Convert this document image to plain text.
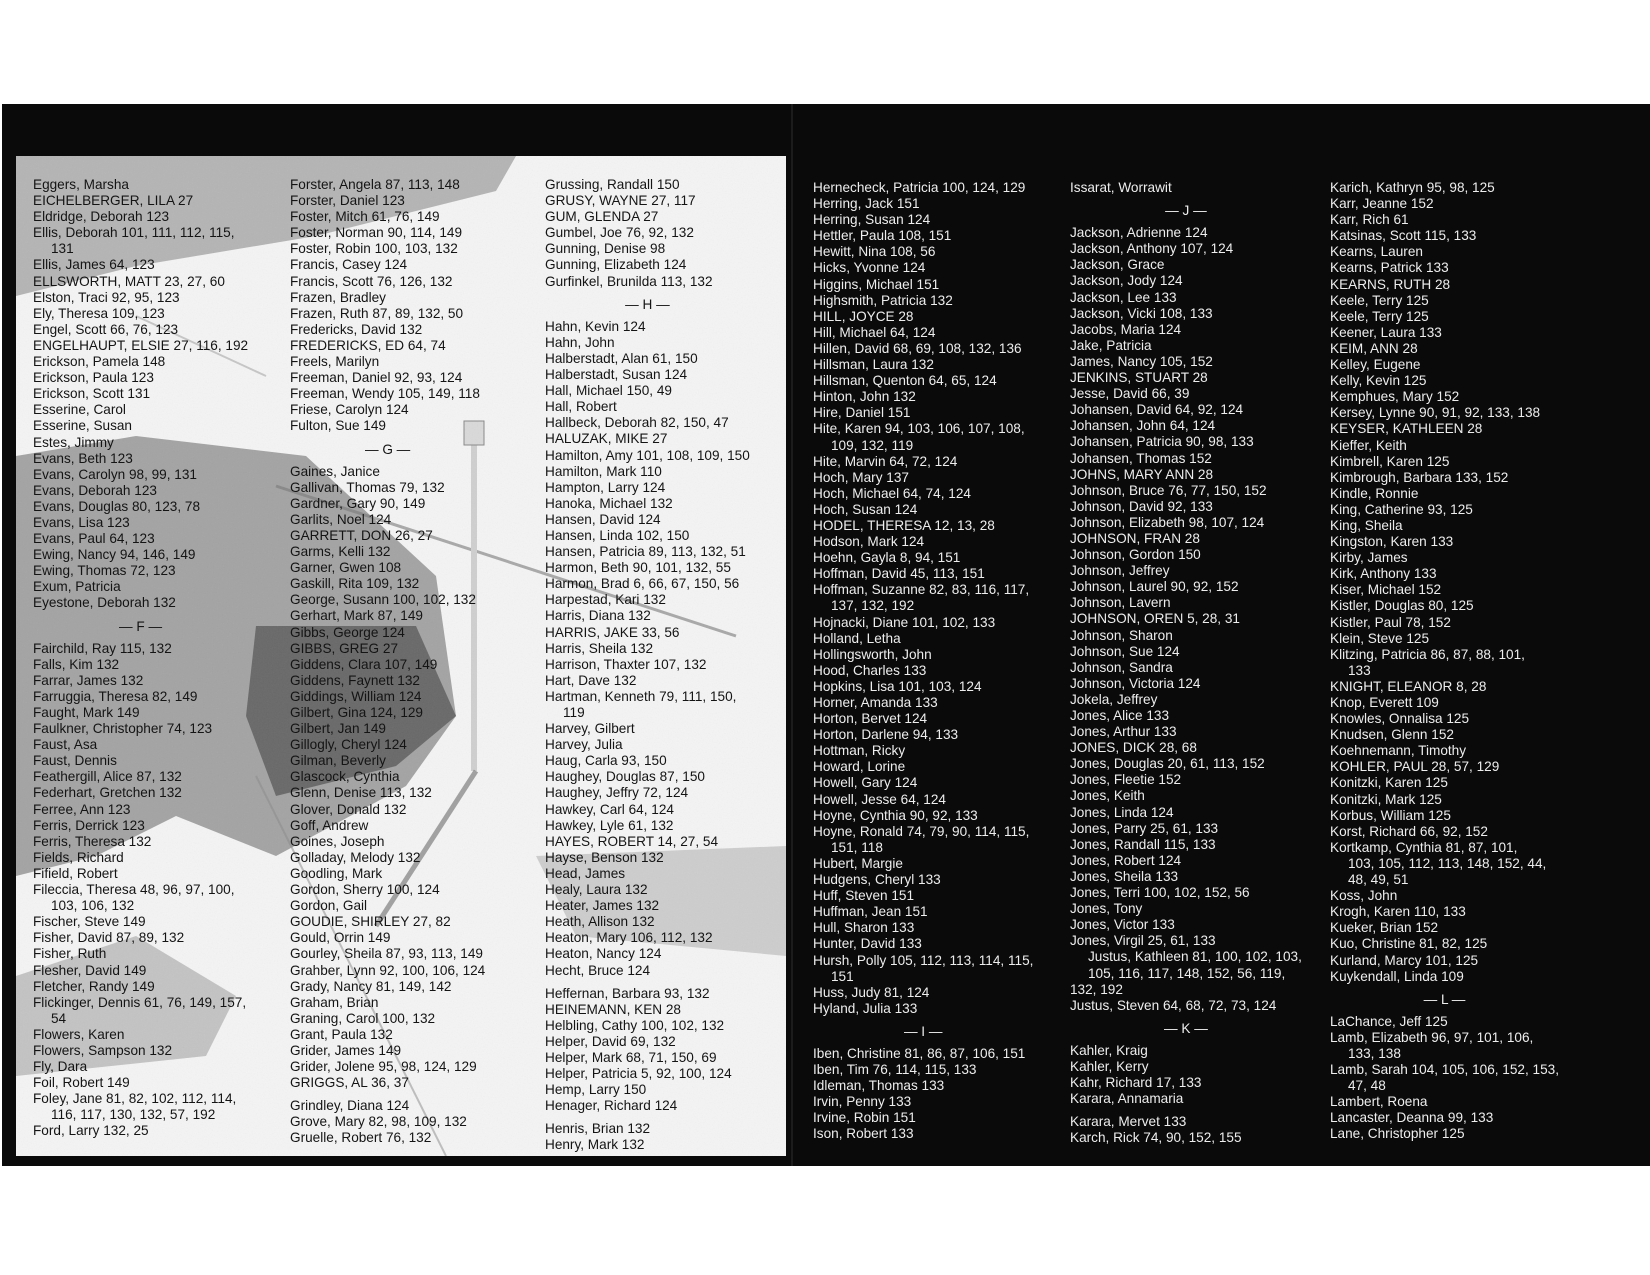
Eggers, Marsha
EICHELBERGER, LILA 27
Eldridge, Deborah 123
Ellis, Deborah 101, 111, 112, 115,
131
Ellis, James 64, 123
ELLSWORTH, MATT 23, 27, 60
Elston, Traci 92, 95, 123
Ely, Theresa 109, 123
Engel, Scott 66, 76, 123
ENGELHAUPT, ELSIE 27, 116, 192
Erickson, Pamela 148
Erickson, Paula 123
Erickson, Scott 131
Esserine, Carol
Esserine, Susan
Estes, Jimmy
Evans, Beth 123
Evans, Carolyn 98, 99, 131
Evans, Deborah 123
Evans, Douglas 80, 123, 78
Evans, Lisa 123
Evans, Paul 64, 123
Ewing, Nancy 94, 146, 149
Ewing, Thomas 72, 123
Exum, Patricia
Eyestone, Deborah 132
— F —
Fairchild, Ray 115, 132
Falls, Kim 132
Farrar, James 132
Farruggia, Theresa 82, 149
Faught, Mark 149
Faulkner, Christopher 74, 123
Faust, Asa
Faust, Dennis
Feathergill, Alice 87, 132
Federhart, Gretchen 132
Ferree, Ann 123
Ferris, Derrick 123
Ferris, Theresa 132
Fields, Richard
Fifield, Robert
Fileccia, Theresa 48, 96, 97, 100,
103, 106, 132
Fischer, Steve 149
Fisher, David 87, 89, 132
Fisher, Ruth
Flesher, David 149
Fletcher, Randy 149
Flickinger, Dennis 61, 76, 149, 157,
54
Flowers, Karen
Flowers, Sampson 132
Fly, Dara
Foil, Robert 149
Foley, Jane 81, 82, 102, 112, 114,
116, 117, 130, 132, 57, 192
Ford, Larry 132, 25
Forster, Angela 87, 113, 148
Forster, Daniel 123
Foster, Mitch 61, 76, 149
Foster, Norman 90, 114, 149
Foster, Robin 100, 103, 132
Francis, Casey 124
Francis, Scott 76, 126, 132
Frazen, Bradley
Frazen, Ruth 87, 89, 132, 50
Fredericks, David 132
FREDERICKS, ED 64, 74
Freels, Marilyn
Freeman, Daniel 92, 93, 124
Freeman, Wendy 105, 149, 118
Friese, Carolyn 124
Fulton, Sue 149
— G —
Gaines, Janice
Gallivan, Thomas 79, 132
Gardner, Gary 90, 149
Garlits, Noel 124
GARRETT, DON 26, 27
Garms, Kelli 132
Garner, Gwen 108
Gaskill, Rita 109, 132
George, Susann 100, 102, 132
Gerhart, Mark 87, 149
Gibbs, George 124
GIBBS, GREG 27
Giddens, Clara 107, 149
Giddens, Faynett 132
Giddings, William 124
Gilbert, Gina 124, 129
Gilbert, Jan 149
Gillogly, Cheryl 124
Gilman, Beverly
Glascock, Cynthia
Glenn, Denise 113, 132
Glover, Donald 132
Goff, Andrew
Goines, Joseph
Golladay, Melody 132
Goodling, Mark
Gordon, Sherry 100, 124
Gordon, Gail
GOUDIE, SHIRLEY 27, 82
Gould, Orrin 149
Gourley, Sheila 87, 93, 113, 149
Grahber, Lynn 92, 100, 106, 124
Grady, Nancy 81, 149, 142
Graham, Brian
Graning, Carol 100, 132
Grant, Paula 132
Grider, James 149
Grider, Jolene 95, 98, 124, 129
GRIGGS, AL 36, 37
Grindley, Diana 124
Grove, Mary 82, 98, 109, 132
Gruelle, Robert 76, 132
Grussing, Randall 150
GRUSY, WAYNE 27, 117
GUM, GLENDA 27
Gumbel, Joe 76, 92, 132
Gunning, Denise 98
Gunning, Elizabeth 124
Gurfinkel, Brunilda 113, 132
— H —
Hahn, Kevin 124
Hahn, John
Halberstadt, Alan 61, 150
Halberstadt, Susan 124
Hall, Michael 150, 49
Hall, Robert
Hallbeck, Deborah 82, 150, 47
HALUZAK, MIKE 27
Hamilton, Amy 101, 108, 109, 150
Hamilton, Mark 110
Hampton, Larry 124
Hanoka, Michael 132
Hansen, David 124
Hansen, Linda 102, 150
Hansen, Patricia 89, 113, 132, 51
Harmon, Beth 90, 101, 132, 55
Harmon, Brad 6, 66, 67, 150, 56
Harpestad, Kari 132
Harris, Diana 132
HARRIS, JAKE 33, 56
Harris, Sheila 132
Harrison, Thaxter 107, 132
Hart, Dave 132
Hartman, Kenneth 79, 111, 150,
119
Harvey, Gilbert
Harvey, Julia
Haug, Carla 93, 150
Haughey, Douglas 87, 150
Haughey, Jeffry 72, 124
Hawkey, Carl 64, 124
Hawkey, Lyle 61, 132
HAYES, ROBERT 14, 27, 54
Hayse, Benson 132
Head, James
Healy, Laura 132
Heater, James 132
Heath, Allison 132
Heaton, Mary 106, 112, 132
Heaton, Nancy 124
Hecht, Bruce 124
Heffernan, Barbara 93, 132
HEINEMANN, KEN 28
Helbling, Cathy 100, 102, 132
Helper, David 69, 132
Helper, Mark 68, 71, 150, 69
Helper, Patricia 5, 92, 100, 124
Hemp, Larry 150
Henager, Richard 124
Henris, Brian 132
Henry, Mark 132
Hernecheck, Patricia 100, 124, 129
Herring, Jack 151
Herring, Susan 124
Hettler, Paula 108, 151
Hewitt, Nina 108, 56
Hicks, Yvonne 124
Higgins, Michael 151
Highsmith, Patricia 132
HILL, JOYCE 28
Hill, Michael 64, 124
Hillen, David 68, 69, 108, 132, 136
Hillsman, Laura 132
Hillsman, Quenton 64, 65, 124
Hinton, John 132
Hire, Daniel 151
Hite, Karen 94, 103, 106, 107, 108,
109, 132, 119
Hite, Marvin 64, 72, 124
Hoch, Mary 137
Hoch, Michael 64, 74, 124
Hoch, Susan 124
HODEL, THERESA 12, 13, 28
Hodson, Mark 124
Hoehn, Gayla 8, 94, 151
Hoffman, David 45, 113, 151
Hoffman, Suzanne 82, 83, 116, 117,
137, 132, 192
Hojnacki, Diane 101, 102, 133
Holland, Letha
Hollingsworth, John
Hood, Charles 133
Hopkins, Lisa 101, 103, 124
Horner, Amanda 133
Horton, Bervet 124
Horton, Darlene 94, 133
Hottman, Ricky
Howard, Lorine
Howell, Gary 124
Howell, Jesse 64, 124
Hoyne, Cynthia 90, 92, 133
Hoyne, Ronald 74, 79, 90, 114, 115,
151, 118
Hubert, Margie
Hudgens, Cheryl 133
Huff, Steven 151
Huffman, Jean 151
Hull, Sharon 133
Hunter, David 133
Hursh, Polly 105, 112, 113, 114, 115,
151
Huss, Judy 81, 124
Hyland, Julia 133
— I —
Iben, Christine 81, 86, 87, 106, 151
Iben, Tim 76, 114, 115, 133
Idleman, Thomas 133
Irvin, Penny 133
Irvine, Robin 151
Ison, Robert 133
Issarat, Worrawit
— J —
Jackson, Adrienne 124
Jackson, Anthony 107, 124
Jackson, Grace
Jackson, Jody 124
Jackson, Lee 133
Jackson, Vicki 108, 133
Jacobs, Maria 124
Jake, Patricia
James, Nancy 105, 152
JENKINS, STUART 28
Jesse, David 66, 39
Johansen, David 64, 92, 124
Johansen, John 64, 124
Johansen, Patricia 90, 98, 133
Johansen, Thomas 152
JOHNS, MARY ANN 28
Johnson, Bruce 76, 77, 150, 152
Johnson, David 92, 133
Johnson, Elizabeth 98, 107, 124
JOHNSON, FRAN 28
Johnson, Gordon 150
Johnson, Jeffrey
Johnson, Laurel 90, 92, 152
Johnson, Lavern
JOHNSON, OREN 5, 28, 31
Johnson, Sharon
Johnson, Sue 124
Johnson, Sandra
Johnson, Victoria 124
Jokela, Jeffrey
Jones, Alice 133
Jones, Arthur 133
JONES, DICK 28, 68
Jones, Douglas 20, 61, 113, 152
Jones, Fleetie 152
Jones, Keith
Jones, Linda 124
Jones, Parry 25, 61, 133
Jones, Randall 115, 133
Jones, Robert 124
Jones, Sheila 133
Jones, Terri 100, 102, 152, 56
Jones, Tony
Jones, Victor 133
Jones, Virgil 25, 61, 133
Justus, Kathleen 81, 100, 102, 103,
105, 116, 117, 148, 152, 56, 119,
132, 192
Justus, Steven 64, 68, 72, 73, 124
— K —
Kahler, Kraig
Kahler, Kerry
Kahr, Richard 17, 133
Karara, Annamaria
Karara, Mervet 133
Karch, Rick 74, 90, 152, 155
Karich, Kathryn 95, 98, 125
Karr, Jeanne 152
Karr, Rich 61
Katsinas, Scott 115, 133
Kearns, Lauren
Kearns, Patrick 133
KEARNS, RUTH 28
Keele, Terry 125
Keele, Terry 125
Keener, Laura 133
KEIM, ANN 28
Kelley, Eugene
Kelly, Kevin 125
Kemphues, Mary 152
Kersey, Lynne 90, 91, 92, 133, 138
KEYSER, KATHLEEN 28
Kieffer, Keith
Kimbrell, Karen 125
Kimbrough, Barbara 133, 152
Kindle, Ronnie
King, Catherine 93, 125
King, Sheila
Kingston, Karen 133
Kirby, James
Kirk, Anthony 133
Kiser, Michael 152
Kistler, Douglas 80, 125
Kistler, Paul 78, 152
Klein, Steve 125
Klitzing, Patricia 86, 87, 88, 101,
133
KNIGHT, ELEANOR 8, 28
Knop, Everett 109
Knowles, Onnalisa 125
Knudsen, Glenn 152
Koehnemann, Timothy
KOHLER, PAUL 28, 57, 129
Konitzki, Karen 125
Konitzki, Mark 125
Korbus, William 125
Korst, Richard 66, 92, 152
Kortkamp, Cynthia 81, 87, 101,
103, 105, 112, 113, 148, 152, 44,
48, 49, 51
Koss, John
Krogh, Karen 110, 133
Kueker, Brian 152
Kuo, Christine 81, 82, 125
Kurland, Marcy 101, 125
Kuykendall, Linda 109
— L —
LaChance, Jeff 125
Lamb, Elizabeth 96, 97, 101, 106,
133, 138
Lamb, Sarah 104, 105, 106, 152, 153,
47, 48
Lambert, Roena
Lancaster, Deanna 99, 133
Lane, Christopher 125
